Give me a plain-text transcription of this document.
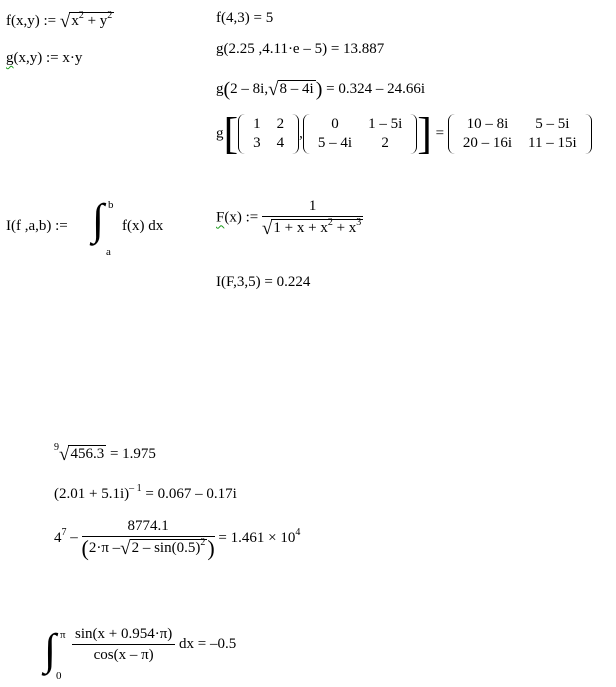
f(x,y) := $√x^2 + y^2$
g(x,y) := x·y
f(4,3) = 5
g(2.25 ,4.11·e – 5) = 13.887
g(2 – 8i,√8 – 4i ) = 0.324 – 24.66i
g[ 1	2
3	4
,
0	1 – 5i
5 – 4i	2 ] =
10 – 8i	5 – 5i
20 – 16i	11 – 15i
I(f ,a,b) := ∫ b
a
f(x) dx
F(x) := $\frac{1}{√1 + x + x^2 + x^3}$
I(F,3,5) = 0.224
$^9$√456.3 = 1.975
$(2.01 + 5.1i)^{- 1} = 0.067 - 0.17i$
$4^7 - \frac{8774.1}{(2\cdot\pi -√2 - \sin(0.5)^2)} = 1.461 \times 10^4$
∫ π
0
$\frac{\sin(x + 0.954\cdot\pi)}{\cos(x - \pi)}$ dx = –0.5
